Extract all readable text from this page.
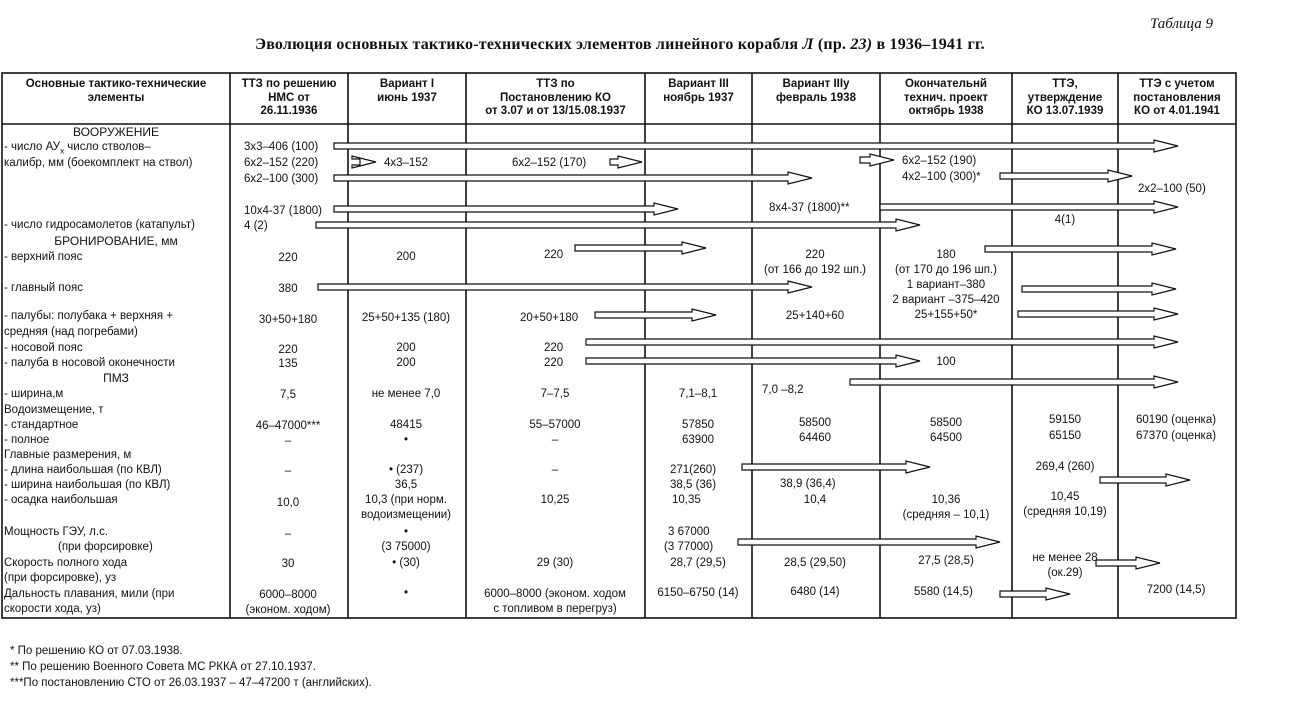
Таблица 9
Эволюция основных тактико-технических элементов линейного корабля Л (пр. 23) в 1936–1941 гг.
Основные тактико-технические
элементы
ТТЗ по решению
НМС от
26.11.1936
Вариант I
июнь 1937
ТТЗ по
Постановлению КО
от 3.07 и от 13/15.08.1937
Вариант III
ноябрь 1937
Вариант IIIу
февраль 1938
Окончательнй
технич. проект
октябрь 1938
ТТЭ,
утверждение
КО 13.07.1939
ТТЭ с учетом
постановления
КО от 4.01.1941
ВООРУЖЕНИЕ
- число $АУ_х$ число стволов–
калибр, мм (боекомплект на ствол)
- число гидросамолетов (катапульт)
БРОНИРОВАНИЕ, мм
- верхний пояс
- главный пояс
- палубы: полубака + верхняя +
средняя (над погребами)
- носовой пояс
- палуба в носовой оконечности
ПМЗ
- ширина,м
Водоизмещение, т
- стандартное
- полное
Главные размерения, м
- длина наибольшая (по КВЛ)
- ширина наибольшая (по КВЛ)
- осадка наибольшая
Мощность ГЭУ, л.с.
(при форсировке)
Скорость полного хода
(при форсировке), уз
Дальность плавания, мили (при
скорости хода, уз)
3х3–406 (100)
6х2–152 (220)
6х2–100 (300)
10х4-37 (1800)
4 (2)
220
380
30+50+180
220
135
7,5
46–47000***
–
–
10,0
–
30
6000–8000
(эконом. ходом)
4х3–152
200
25+50+135 (180)
200
200
не менее 7,0
48415
•
• (237)
36,5
10,3 (при норм.
водоизмещении)
•
(3 75000)
• (30)
•
6х2–152 (170)
220
20+50+180
220
220
7–7,5
55–57000
–
–
10,25
29 (30)
6000–8000 (эконом. ходом
с топливом в перегруз)
7,1–8,1
57850
63900
271(260)
38,5 (36)
10,35
3 67000
(3 77000)
28,7 (29,5)
6150–6750 (14)
8х4-37 (1800)**
220
(от 166 до 192 шп.)
25+140+60
7,0 –8,2
58500
64460
38,9 (36,4)
10,4
28,5 (29,50)
6480 (14)
6х2–152 (190)
4х2–100 (300)*
180
(от 170 до 196 шп.)
1 вариант–380
2 вариант –375–420
25+155+50*
100
58500
64500
10,36
(средняя – 10,1)
27,5 (28,5)
5580 (14,5)
4(1)
59150
65150
269,4 (260)
10,45
(средняя 10,19)
не менее 28
(ок.29)
2х2–100 (50)
60190 (оценка)
67370 (оценка)
7200 (14,5)
* По решению КО от 07.03.1938.
** По решению Военного Совета МС РККА от 27.10.1937.
***По постановлению СТО от 26.03.1937 – 47–47200 т (английских).
